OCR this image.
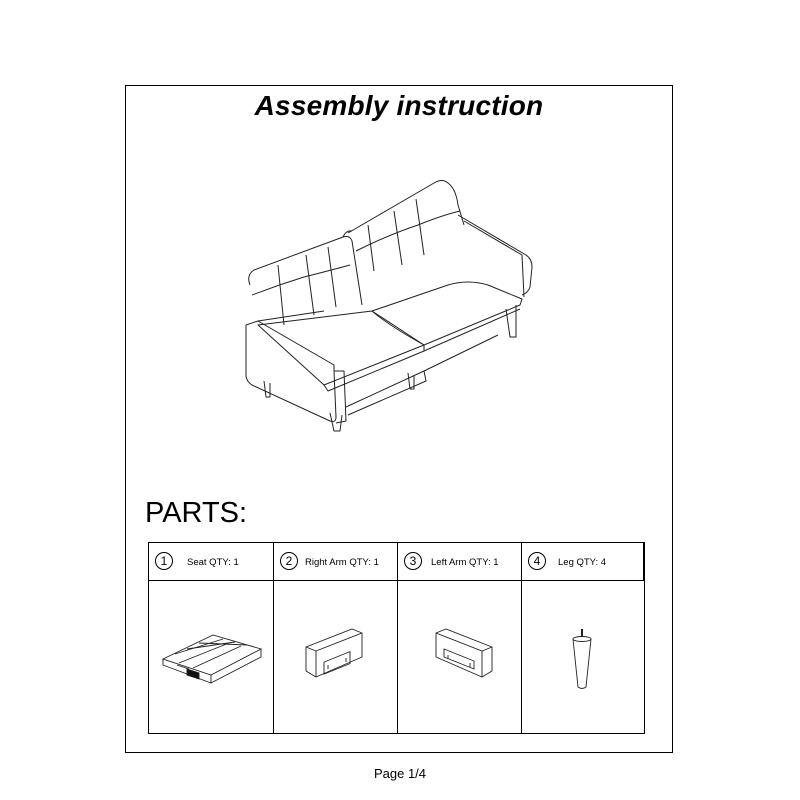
Assembly instruction
PARTS:
1	Seat QTY: 1	2	Right Arm QTY: 1	3	Left Arm QTY: 1	4	Leg QTY: 4
Page 1/4
